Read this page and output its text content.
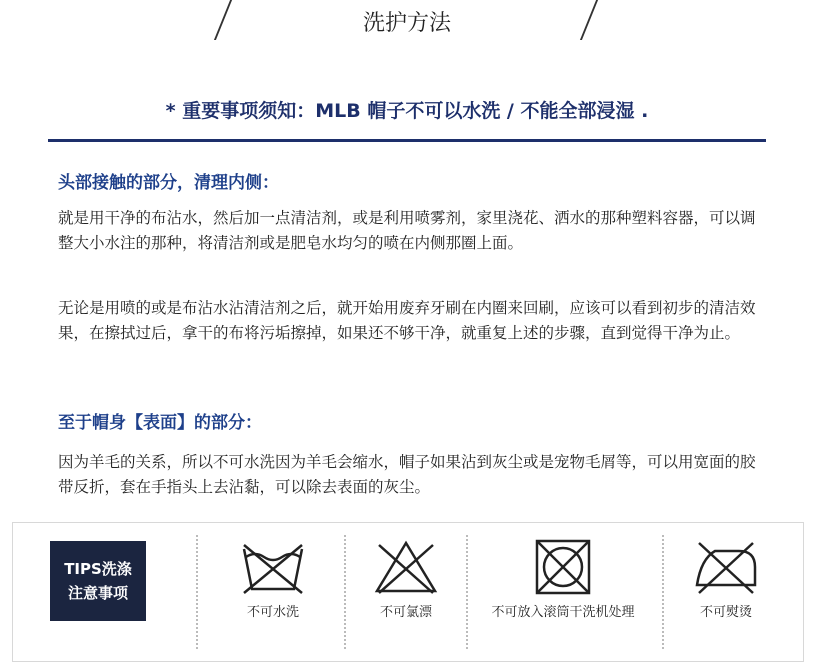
洗护方法
* 重要事项须知：MLB 帽子不可以水洗 / 不能全部浸湿 .
头部接触的部分，清理内侧：
就是用干净的布沾水，然后加一点清洁剂，或是利用喷雾剂，家里浇花、洒水的那种塑料容器，可以调整大小水注的那种，将清洁剂或是肥皂水均匀的喷在内侧那圈上面。
无论是用喷的或是布沾水沾清洁剂之后，就开始用废弃牙刷在内圈来回刷，应该可以看到初步的清洁效果，在擦拭过后，拿干的布将污垢擦掉，如果还不够干净，就重复上述的步骤，直到觉得干净为止。
至于帽身【表面】的部分：
因为羊毛的关系，所以不可水洗因为羊毛会缩水，帽子如果沾到灰尘或是宠物毛屑等，可以用宽面的胶带反折，套在手指头上去沾黏，可以除去表面的灰尘。
TIPS洗涤
注意事项
不可水洗	不可氯漂	不可放入滚筒干洗机处理	不可熨烫
